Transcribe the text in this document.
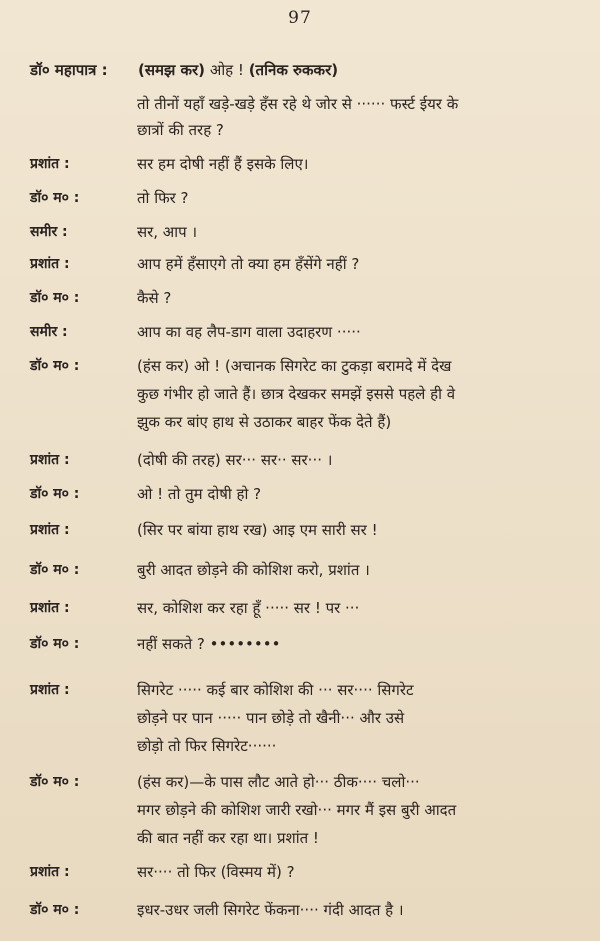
97
डॉ० महापात्र :	(समझ कर) ओह ! (तनिक रुककर)
तो तीनों यहाँ खड़े-खड़े हँस रहे थे जोर से ······ फर्स्ट ईयर के
छात्रों की तरह ?
प्रशांत :	सर हम दोषी नहीं हैं इसके लिए।
डॉ० म० :	तो फिर ?
समीर :	सर, आप ।
प्रशांत :	आप हमें हँसाएगे तो क्या हम हँसेंगे नहीं ?
डॉ० म० :	कैसे ?
समीर :	आप का वह लैप-डाग वाला उदाहरण ·····
डॉ० म० :	(हंस कर) ओ ! (अचानक सिगरेट का टुकड़ा बरामदे में देख
कुछ गंभीर हो जाते हैं। छात्र देखकर समझें इससे पहले ही वे
झुक कर बांए हाथ से उठाकर बाहर फेंक देते हैं)
प्रशांत :	(दोषी की तरह) सर··· सर·· सर··· ।
डॉ० म० :	ओ ! तो तुम दोषी हो ?
प्रशांत :	(सिर पर बांया हाथ रख) आइ एम सारी सर !
डॉ० म० :	बुरी आदत छोड़ने की कोशिश करो, प्रशांत ।
प्रशांत :	सर, कोशिश कर रहा हूँ ····· सर ! पर ···
डॉ० म० :	नहीं सकते ? ••••••••
प्रशांत :	सिगरेट ····· कई बार कोशिश की ··· सर···· सिगरेट
छोड़ने पर पान ····· पान छोड़े तो खैनी··· और उसे
छोड़ो तो फिर सिगरेट······
डॉ० म० :	(हंस कर)—के पास लौट आते हो··· ठीक···· चलो···
मगर छोड़ने की कोशिश जारी रखो··· मगर मैं इस बुरी आदत
की बात नहीं कर रहा था। प्रशांत !
प्रशांत :	सर···· तो फिर (विस्मय में) ?
डॉ० म० :	इधर-उधर जली सिगरेट फेंकना···· गंदी आदत है ।
